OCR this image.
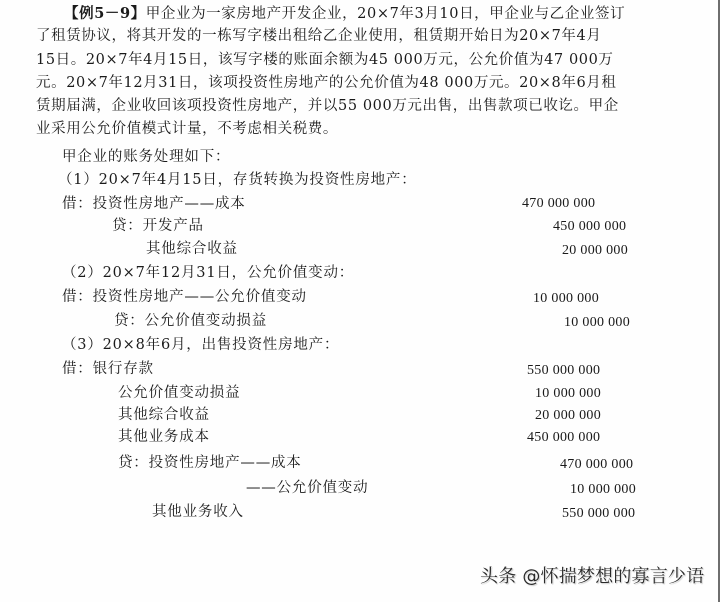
【例5－9】甲企业为一家房地产开发企业，20×7年3月10日，甲企业与乙企业签订
了租赁协议，将其开发的一栋写字楼出租给乙企业使用，租赁期开始日为20×7年4月
15日。20×7年4月15日，该写字楼的账面余额为45 000万元，公允价值为47 000万
元。20×7年12月31日，该项投资性房地产的公允价值为48 000万元。20×8年6月租
赁期届满，企业收回该项投资性房地产，并以55 000万元出售，出售款项已收讫。甲企
业采用公允价值模式计量，不考虑相关税费。
甲企业的账务处理如下：
（1）20×7年4月15日，存货转换为投资性房地产：
借：投资性房地产——成本	470 000 000
贷：开发产品	450 000 000
其他综合收益	20 000 000
（2）20×7年12月31日，公允价值变动：
借：投资性房地产——公允价值变动	10 000 000
贷：公允价值变动损益	10 000 000
（3）20×8年6月，出售投资性房地产：
借：银行存款	550 000 000
公允价值变动损益	10 000 000
其他综合收益	20 000 000
其他业务成本	450 000 000
贷：投资性房地产——成本	470 000 000
——公允价值变动	10 000 000
其他业务收入	550 000 000
头条 @怀揣梦想的寡言少语
